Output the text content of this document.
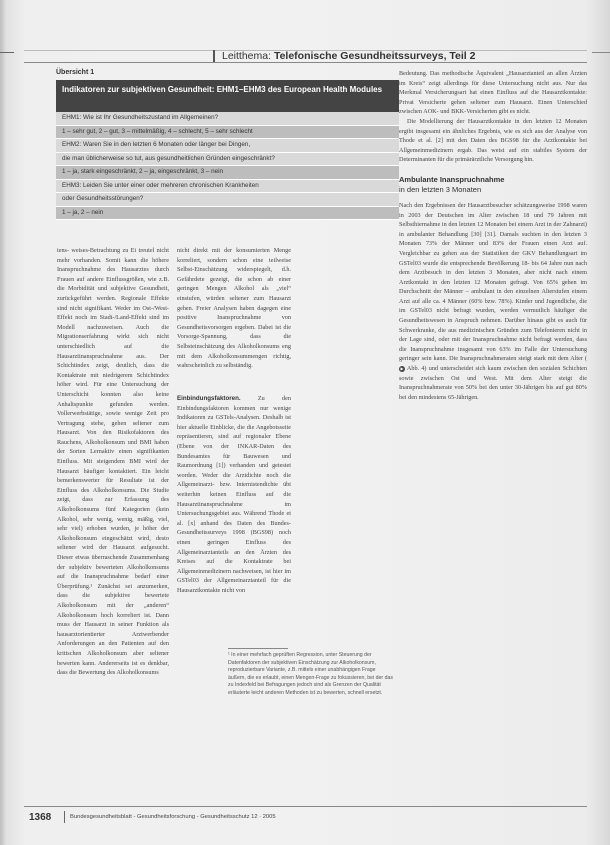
Leitthema: Telefonische Gesundheitssurveys, Teil 2
Übersicht 1
Indikatoren zur subjektiven Gesundheit: EHM1–EHM3 des European Health Modules
EHM1: Wie ist Ihr Gesundheitszustand im Allgemeinen?
1 – sehr gut, 2 – gut, 3 – mittelmäßig, 4 – schlecht, 5 – sehr schlecht
EHM2: Waren Sie in den letzten 6 Monaten oder länger bei Dingen,
die man üblicherweise so tut, aus gesundheitlichen Gründen eingeschränkt?
1 – ja, stark eingeschränkt, 2 – ja, eingeschränkt, 3 – nein
EHM3: Leiden Sie unter einer oder mehreren chronischen Krankheiten
oder Gesundheitsstörungen?
1 – ja, 2 – nein

tens- weises-Betrachtung zu Ei treutel nicht mehr vorhanden. Somit kann die höhere Inanspruchnahme des Hausarztes durch Frauen auf andere Einflussgrößen, wie z.B. die Morbidität und subjektive Gesundheit, zurückgeführt werden. Regionale Effekte sind nicht signifikant. Weder im Ost-/West-Effekt noch im Stadt-/Land-Effekt sind im Modell nachzuweisen. Auch die Migrationserfahrung wirkt sich nicht unterschiedlich auf die Hausarztinanspruchnahme aus. Der Schichtindex zeigt, deutlich, dass die Kontaktrate mit niedrigerem Schichtindex höher wird. Für eine Untersuchung der Unterschicht konnten also keine Anhaltspunkte gefunden werden. Vollerwerbstätige, sowie wenige Zeit pro Vertragung stehe, gehen seltener zum Hausarzt. Von den Risikofaktoren des Rauchens, Alkoholkonsum und BMI haben der Sorten Lernaktiv einen signifikanten Einfluss. Mit steigendem BMI wird der Hausarzt häufiger kontaktiert. Ein leicht bemerkenswerter für Resultate ist der Einfluss des Alkoholkonsums. Die Studie zeigt, dass zur Erfassung des Alkoholkonsums fünf Kategorien (kein Alkohol, sehr wenig, wenig, mäßig, viel, sehr viel) erhoben wurden, je höher der Alkoholkonsum eingeschätzt wird, desto seltener wird der Hausarzt aufgesucht. Dieser etwas überraschende Zusammenhang der subjektiv bewerteten Alkoholkonsums auf die Inanspruchnahme bedarf einer Überprüfung.¹ Zunächst sei anzumerken, dass die subjektive bewertete Alkoholkonsum mit der „anderen“ Alkoholkonsum hoch korreliert ist. Dann muss der Hausarzt in seiner Funktion als hausarztorientierter Arztwerbender Anforderungen an den Patienten auf den kritischen Alkoholkonsum aber seltener bewerten kann. Andererseits ist es denkbar, dass die Bewertung des Alkoholkonsums

nicht direkt mit der konsumierten Menge korreliert, sondern schon eine teilweise Selbst-Einschätzung widerspiegelt, d.h. Gefährdete gezeigt, die schon ab einer geringen Mengen Alkohol als „viel“ einstufen, würden seltener zum Hausarzt gehen. Freier Analysen haben dagegen eine positive Inanspruchnahme von Gesundheitsvorsorgen ergeben. Dabei ist die Vorsorge-Spannung, dass die Selbsteinschätzung des Alkoholkonsums eng mit dem Alkoholkonsummengen richtig, wahrscheinlich zu selbständig.

Einbindungsfaktoren. Zu den Einbindungsfaktoren kommen nur wenige Indikatoren zu GSTels-Analysen. Deshalb ist hier aktuelle Einblicke, die die Angebotsseite repräsentieren, sind auf regionaler Ebene (Ebene von der INKAR-Daten des Bundesamtes für Bauwesen und Raumordnung [1]) verhanden und getestet worden. Weder die Arztdichte noch die Allgemeinarzt- bzw. Internistendichte übt weiterhin keinen Einfluss auf die Hausarztinanspruchnahme im Untersuchungsgebiet aus. Während Thode et al. [x] anhand des Daten des Bundes-Gesundheitssurveys 1998 (BGS98) noch einen geringen Einfluss des Allgemeinarztanteils an den Ärzten des Kreises auf die Kontaktrate bei Allgemeinmedizinern nachweisen, ist hier im GSTel03 der Allgemeinarztanteil für die Hausarztkontakte nicht von

¹ In einer mehrfach geprüften Regression, unter Steuerung der Datenfaktoren der subjektiven Einschätzung zur Alkoholkonsum, reproduzierbare Variante, z.B. mittels einer unabhängigen Frage äußern, die es erlaubt, einen Mengen-Frage zu fokussieren, bei der das zu Indexfeld bei Befragungen jedoch sind als Grenzen der Qualität erläuterte leicht anderen Methoden ist zu bewerten, schnell ersetzt.

Bedeutung. Das methodische Äquivalent „Hausarztanteil an allen Ärzten im Kreis“ zeigt allerdings für diese Untersuchung nicht aus. Nur das Merkmal Versicherungsart hat einen Einfluss auf die Hausarztkontakte: Privat Versicherte gehen seltener zum Hausarzt. Einen Unterschied zwischen AOK- und BKK-Versicherten gibt es nicht.

Die Modellierung der Hausarztkontakte in den letzten 12 Monaten ergibt insgesamt ein ähnliches Ergebnis, wie es sich aus der Analyse von Thode et al. [2] mit den Daten des BGS98 für die Arztkontakte bei Allgemeinmedizinern ergab. Das weist auf ein stabiles System der Determinanten für die primärärztliche Versorgung hin.

Ambulante Inanspruchnahme

in den letzten 3 Monaten

Nach den Ergebnissen der Hausarztbesucher schätzungsweise 1998 waren in 2003 der Deutschen im Alter zwischen 18 und 79 Jahren mit Selbsthiernahme in den letzten 12 Monaten bei einem Arzt in der Zahnarzt) in ambulanter Behandlung [30] [31]. Damals suchten in den letzten 3 Monaten 73% der Männer und 83% der Frauen einen Arzt auf. Vergleichbar zu gehen aus der Statistiken der GKV Behandlungsart im GSTel03 wurde die entsprechende Bevölkerung 18- bis 64 Jahre nun nach dem Arztbesuch in den letzten 3 Monaten, aber nicht nach einem Arztkontakt in den letzten 12 Monaten gefragt. Von 65% gehen im Durchschnitt der Männer – ambulant in den einzelnen Alterstufen einem Arzt auf alle ca. 4 Männer (60% bzw. 78%). Kinder und Jugendliche, die im GSTel03 nicht befragt wurden, werden vermutlich häufiger die Gesundheitswesen in Anspruch nehmen. Darüber hinaus gibt es auch für Schwerkranke, die aus medizinischen Gründen zum Telefonieren nicht in der Lage sind, oder mit der Inanspruchnahme nicht befragt werden, dass die Inanspruchnahme insgesamt von 63% im Falle der Untersuchung geringer sein kann. Die Inanspruchnahmeraten steigt stark mit dem Alter (▶ Abb. 4) und unterscheidet sich kaum zwischen den sozialen Schichten sowie zwischen Ost und West. Mit dem Alter steigt die Inanspruchnahmerate von 50% bei den unter 30-Jährigen bis auf gut 80% bei den mindestens 65-Jährigen.

1368	Bundesgesundheitsblatt - Gesundheitsforschung - Gesundheitsschutz 12 · 2005
